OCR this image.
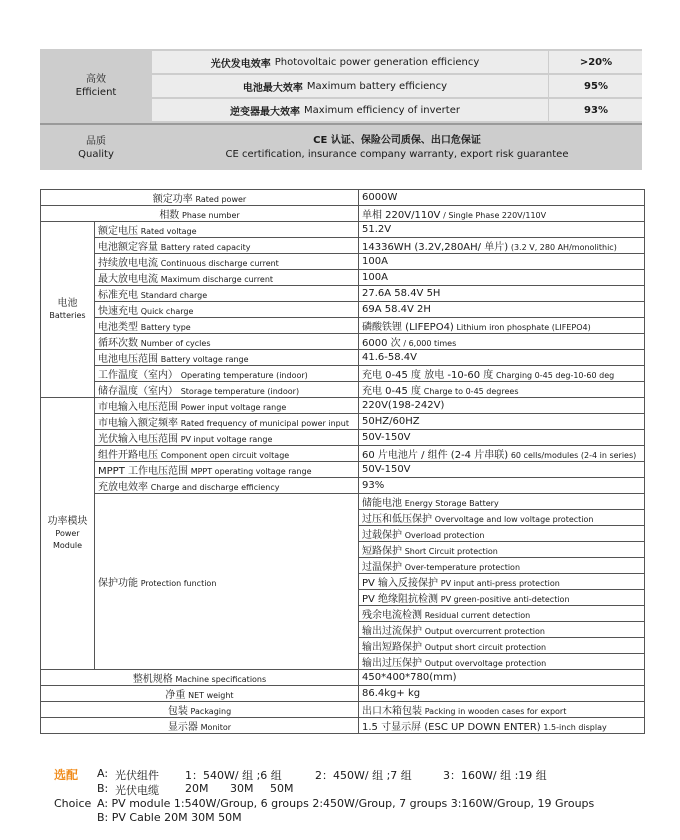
高效
Efficient
光伏发电效率 Photovoltaic power generation efficiency	>20%
电池最大效率 Maximum battery efficiency	95%
逆变器最大效率 Maximum efficiency of inverter	93%
品质
Quality
CE 认证、保险公司质保、出口危保证
CE certification, insurance company warranty, export risk guarantee
额定功率 Rated power		6000W
相数 Phase number		单相 220V/110V / Single Phase 220V/110V
电池
Batteries	额定电压 Rated voltage	51.2V
	电池额定容量 Battery rated capacity	14336WH (3.2V,280AH/ 单片) (3.2 V, 280 AH/monolithic)
	持续放电电流 Continuous discharge current	100A
	最大放电电流 Maximum discharge current	100A
	标准充电 Standard charge	27.6A 58.4V 5H
	快速充电 Quick charge	69A 58.4V 2H
	电池类型 Battery type	磷酸铁锂 (LIFEPO4) Lithium iron phosphate (LIFEPO4)
	循环次数 Number of cycles	6000 次 / 6,000 times
	电池电压范围 Battery voltage range	41.6-58.4V
	工作温度（室内） Operating temperature (indoor)	充电 0-45 度 放电 -10-60 度 Charging 0-45 deg-10-60 deg
	储存温度（室内） Storage temperature (indoor)	充电 0-45 度 Charge to 0-45 degrees
功率模块
Power
Module	市电输入电压范围 Power input voltage range	220V(198-242V)
	市电输入额定频率 Rated frequency of municipal power input	50HZ/60HZ
	光伏输入电压范围 PV input voltage range	50V-150V
	组件开路电压 Component open circuit voltage	60 片电池片 / 组件 (2-4 片串联) 60 cells/modules (2-4 in series)
	MPPT 工作电压范围 MPPT operating voltage range	50V-150V
	充放电效率 Charge and discharge efficiency	93%
	保护功能 Protection function	储能电池 Energy Storage Battery
		过压和低压保护 Overvoltage and low voltage protection
		过载保护 Overload protection
		短路保护 Short Circuit protection
		过温保护 Over-temperature protection
		PV 输入反接保护 PV input anti-press protection
		PV 绝缘阻抗检测 PV green-positive anti-detection
		残余电流检测 Residual current detection
		输出过流保护 Output overcurrent protection
		输出短路保护 Output short circuit protection
		输出过压保护 Output overvoltage protection
整机规格 Machine specifications		450*400*780(mm)
净重 NET weight		86.4kg+ kg
包装 Packaging		出口木箱包装 Packing in wooden cases for export
显示器 Monitor		1.5 寸显示屏 (ESC UP DOWN ENTER) 1.5-inch display
选配 A: 光伏组件 1：540W/ 组 ;6 组	2：450W/ 组 ;7 组	3：160W/ 组 :19 组
B: 光伏电缆 20M 30M 50M
Choice A: PV module 1:540W/Group, 6 groups 2:450W/Group, 7 groups 3:160W/Group, 19 Groups
B: PV Cable 20M 30M 50M
